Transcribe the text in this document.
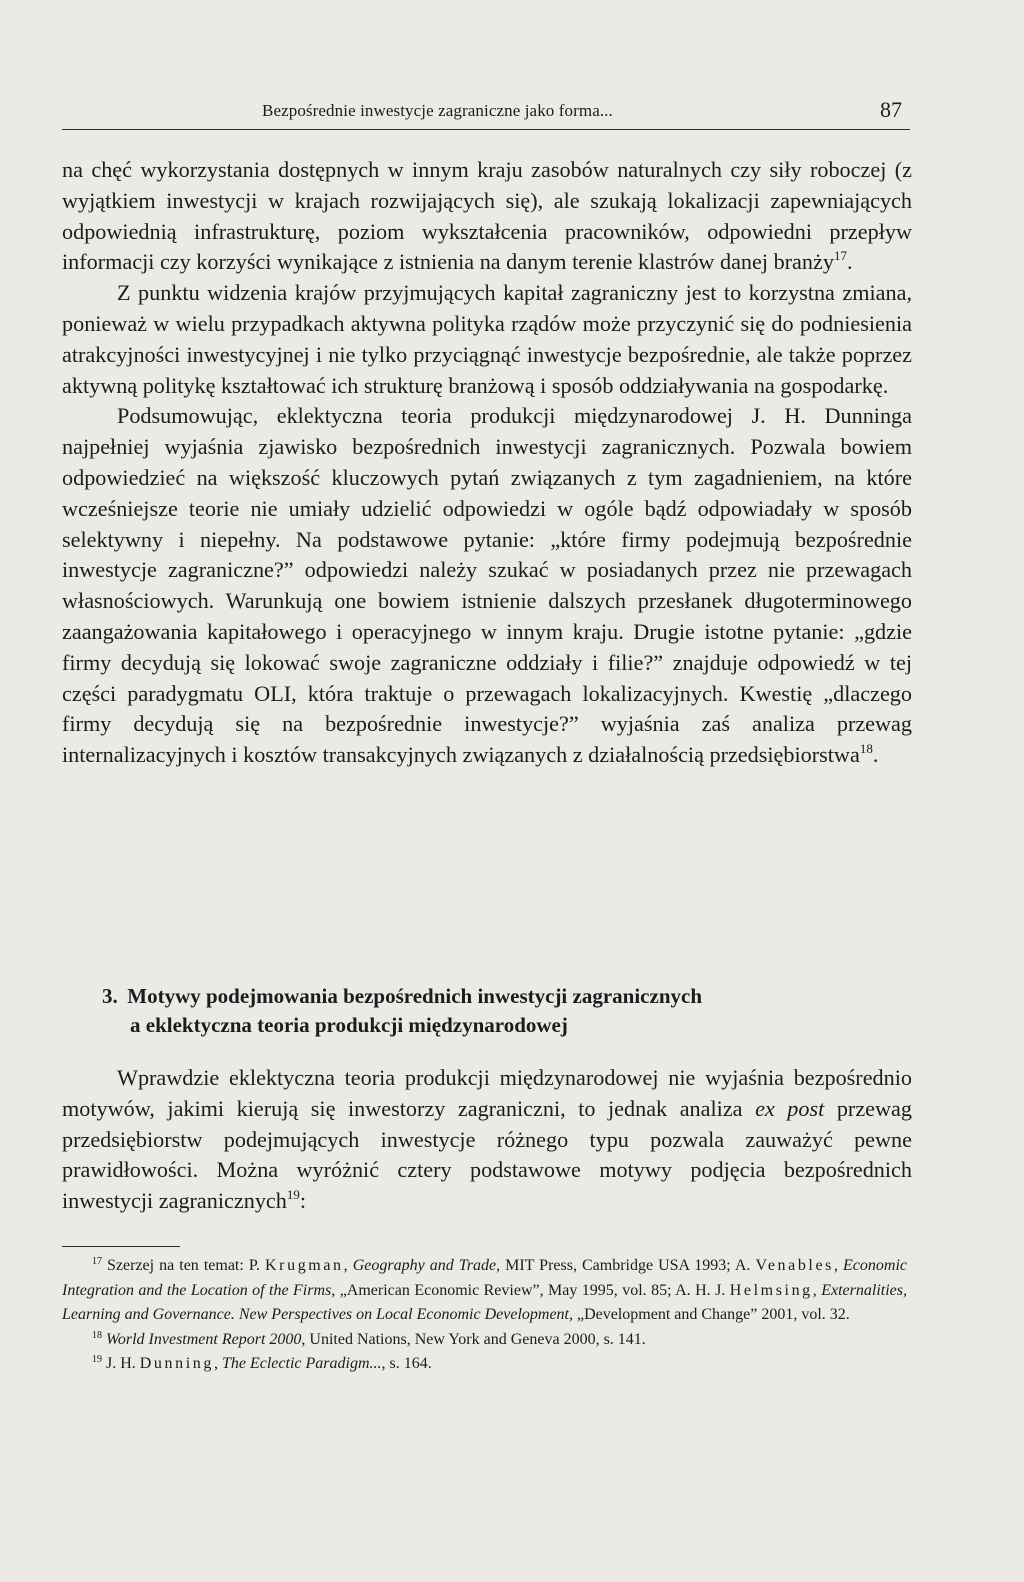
Bezpośrednie inwestycje zagraniczne jako forma...	87

na chęć wykorzystania dostępnych w innym kraju zasobów naturalnych czy siły roboczej (z wyjątkiem inwestycji w krajach rozwijających się), ale szukają lokalizacji zapewniających odpowiednią infrastrukturę, poziom wykształcenia pracowników, odpowiedni przepływ informacji czy korzyści wynikające z istnienia na danym terenie klastrów danej branży$^{17}$.

Z punktu widzenia krajów przyjmujących kapitał zagraniczny jest to korzystna zmiana, ponieważ w wielu przypadkach aktywna polityka rządów może przyczynić się do podniesienia atrakcyjności inwestycyjnej i nie tylko przyciągnąć inwestycje bezpośrednie, ale także poprzez aktywną politykę kształtować ich strukturę branżową i sposób oddziaływania na gospodarkę.

Podsumowując, eklektyczna teoria produkcji międzynarodowej J. H. Dunninga najpełniej wyjaśnia zjawisko bezpośrednich inwestycji zagranicznych. Pozwala bowiem odpowiedzieć na większość kluczowych pytań związanych z tym zagadnieniem, na które wcześniejsze teorie nie umiały udzielić odpowiedzi w ogóle bądź odpowiadały w sposób selektywny i niepełny. Na podstawowe pytanie: „które firmy podejmują bezpośrednie inwestycje zagraniczne?” odpowiedzi należy szukać w posiadanych przez nie przewagach własnościowych. Warunkują one bowiem istnienie dalszych przesłanek długoterminowego zaangażowania kapitałowego i operacyjnego w innym kraju. Drugie istotne pytanie: „gdzie firmy decydują się lokować swoje zagraniczne oddziały i filie?” znajduje odpowiedź w tej części paradygmatu OLI, która traktuje o przewagach lokalizacyjnych. Kwestię „dlaczego firmy decydują się na bezpośrednie inwestycje?” wyjaśnia zaś analiza przewag internalizacyjnych i kosztów transakcyjnych związanych z działalnością przedsiębiorstwa$^{18}$.

3. Motywy podejmowania bezpośrednich inwestycji zagranicznych
a eklektyczna teoria produkcji międzynarodowej

Wprawdzie eklektyczna teoria produkcji międzynarodowej nie wyjaśnia bezpośrednio motywów, jakimi kierują się inwestorzy zagraniczni, to jednak analiza ex post przewag przedsiębiorstw podejmujących inwestycje różnego typu pozwala zauważyć pewne prawidłowości. Można wyróżnić cztery podstawowe motywy podjęcia bezpośrednich inwestycji zagranicznych$^{19}$:

$^{17}$ Szerzej na ten temat: P. Krugman, Geography and Trade, MIT Press, Cambridge USA 1993; A. Venables, Economic Integration and the Location of the Firms, „American Economic Review”, May 1995, vol. 85; A. H. J. Helmsing, Externalities, Learning and Governance. New Perspectives on Local Economic Development, „Development and Change” 2001, vol. 32.

$^{18}$ World Investment Report 2000, United Nations, New York and Geneva 2000, s. 141.

$^{19}$ J. H. Dunning, The Eclectic Paradigm..., s. 164.
